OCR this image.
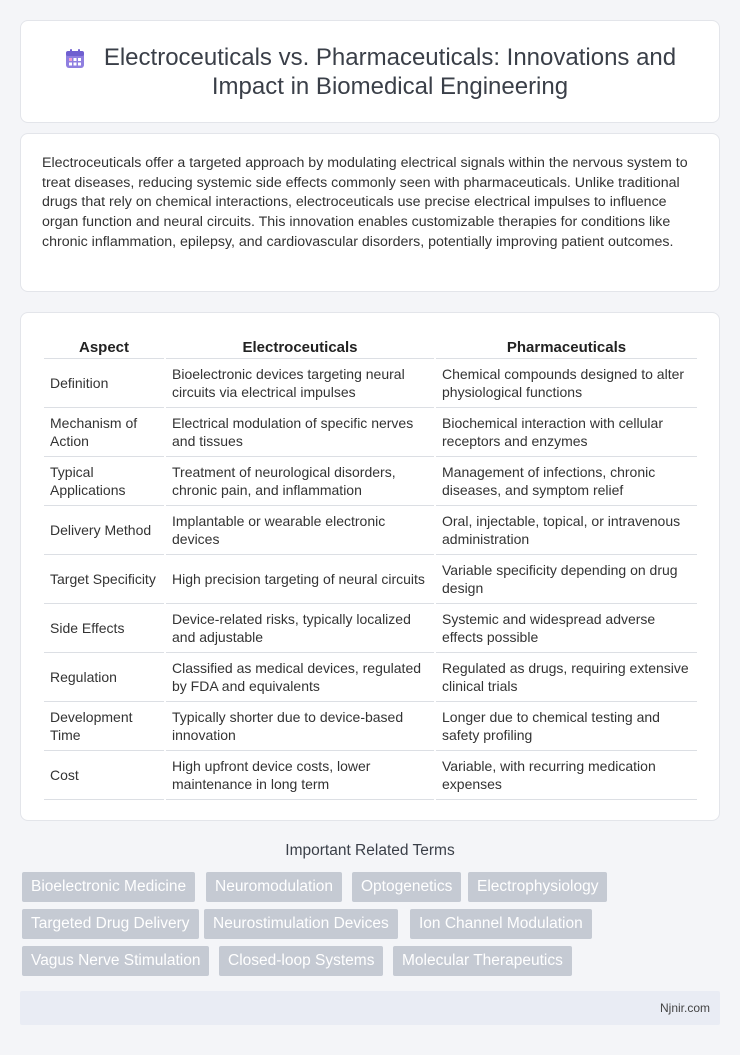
Electroceuticals vs. Pharmaceuticals: Innovations and Impact in Biomedical Engineering

Electroceuticals offer a targeted approach by modulating electrical signals within the nervous system to treat diseases, reducing systemic side effects commonly seen with pharmaceuticals. Unlike traditional drugs that rely on chemical interactions, electroceuticals use precise electrical impulses to influence organ function and neural circuits. This innovation enables customizable therapies for conditions like chronic inflammation, epilepsy, and cardiovascular disorders, potentially improving patient outcomes.

Aspect	Electroceuticals	Pharmaceuticals
Definition	Bioelectronic devices targeting neural circuits via electrical impulses	Chemical compounds designed to alter physiological functions
Mechanism of Action	Electrical modulation of specific nerves and tissues	Biochemical interaction with cellular receptors and enzymes
Typical Applications	Treatment of neurological disorders, chronic pain, and inflammation	Management of infections, chronic diseases, and symptom relief
Delivery Method	Implantable or wearable electronic devices	Oral, injectable, topical, or intravenous administration
Target Specificity	High precision targeting of neural circuits	Variable specificity depending on drug design
Side Effects	Device-related risks, typically localized and adjustable	Systemic and widespread adverse effects possible
Regulation	Classified as medical devices, regulated by FDA and equivalents	Regulated as drugs, requiring extensive clinical trials
Development Time	Typically shorter due to device-based innovation	Longer due to chemical testing and safety profiling
Cost	High upfront device costs, lower maintenance in long term	Variable, with recurring medication expenses
Important Related Terms
Bioelectronic Medicine	Neuromodulation	Optogenetics	Electrophysiology
Targeted Drug Delivery	Neurostimulation Devices	Ion Channel Modulation
Vagus Nerve Stimulation	Closed-loop Systems	Molecular Therapeutics
Njnir.com
